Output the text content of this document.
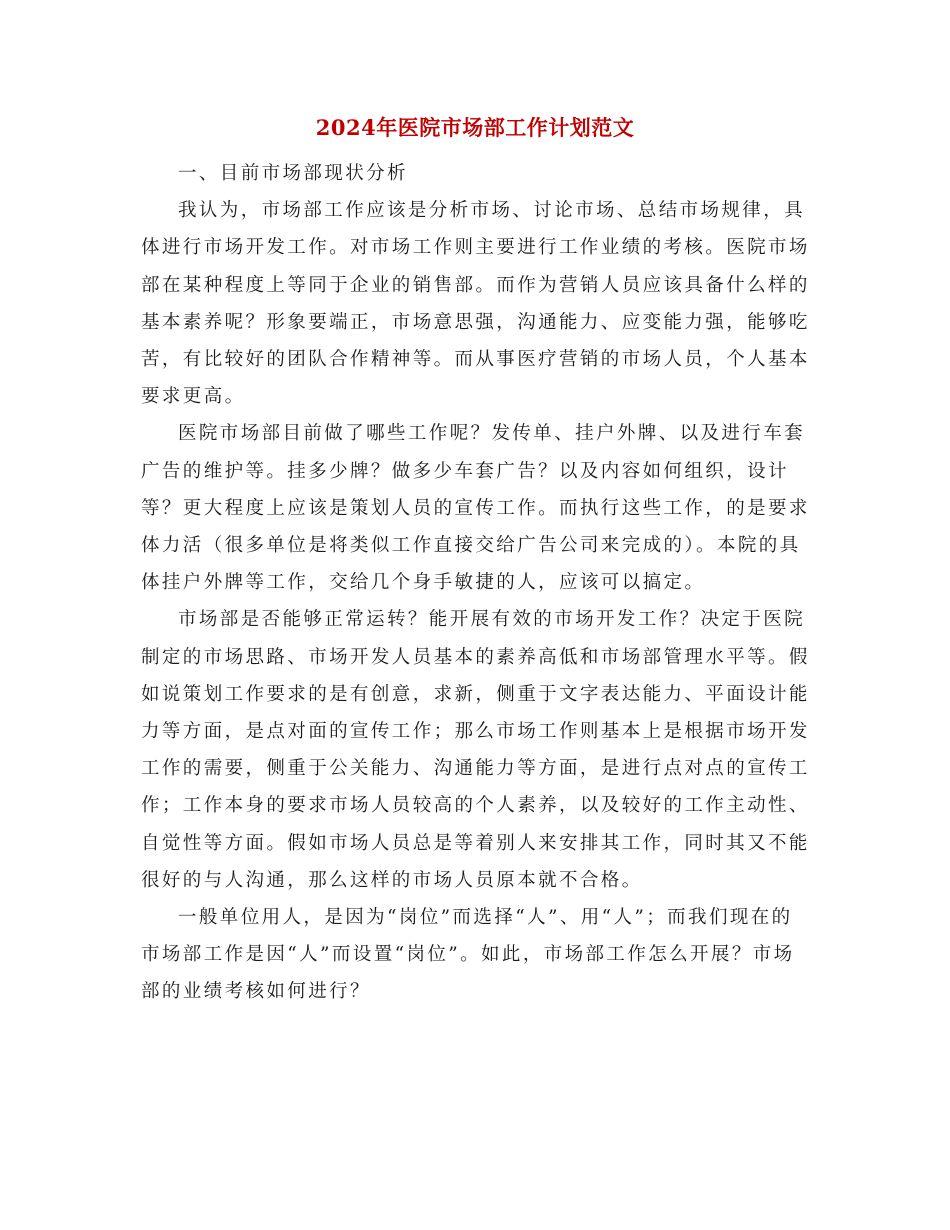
2024年医院市场部工作计划范文

一、目前市场部现状分析

我认为，市场部工作应该是分析市场、讨论市场、总结市场规律，具体进行市场开发工作。对市场工作则主要进行工作业绩的考核。医院市场部在某种程度上等同于企业的销售部。而作为营销人员应该具备什么样的基本素养呢？形象要端正，市场意思强，沟通能力、应变能力强，能够吃苦，有比较好的团队合作精神等。而从事医疗营销的市场人员，个人基本要求更高。

医院市场部目前做了哪些工作呢？发传单、挂户外牌、以及进行车套广告的维护等。挂多少牌？做多少车套广告？以及内容如何组织，设计等？更大程度上应该是策划人员的宣传工作。而执行这些工作，的是要求体力活（很多单位是将类似工作直接交给广告公司来完成的）。本院的具体挂户外牌等工作，交给几个身手敏捷的人，应该可以搞定。

市场部是否能够正常运转？能开展有效的市场开发工作？决定于医院制定的市场思路、市场开发人员基本的素养高低和市场部管理水平等。假如说策划工作要求的是有创意，求新，侧重于文字表达能力、平面设计能力等方面，是点对面的宣传工作；那么市场工作则基本上是根据市场开发工作的需要，侧重于公关能力、沟通能力等方面，是进行点对点的宣传工作；工作本身的要求市场人员较高的个人素养，以及较好的工作主动性、自觉性等方面。假如市场人员总是等着别人来安排其工作，同时其又不能很好的与人沟通，那么这样的市场人员原本就不合格。

一般单位用人，是因为“岗位”而选择“人”、用“人”；而我们现在的市场部工作是因“人”而设置“岗位”。如此，市场部工作怎么开展？市场部的业绩考核如何进行？
